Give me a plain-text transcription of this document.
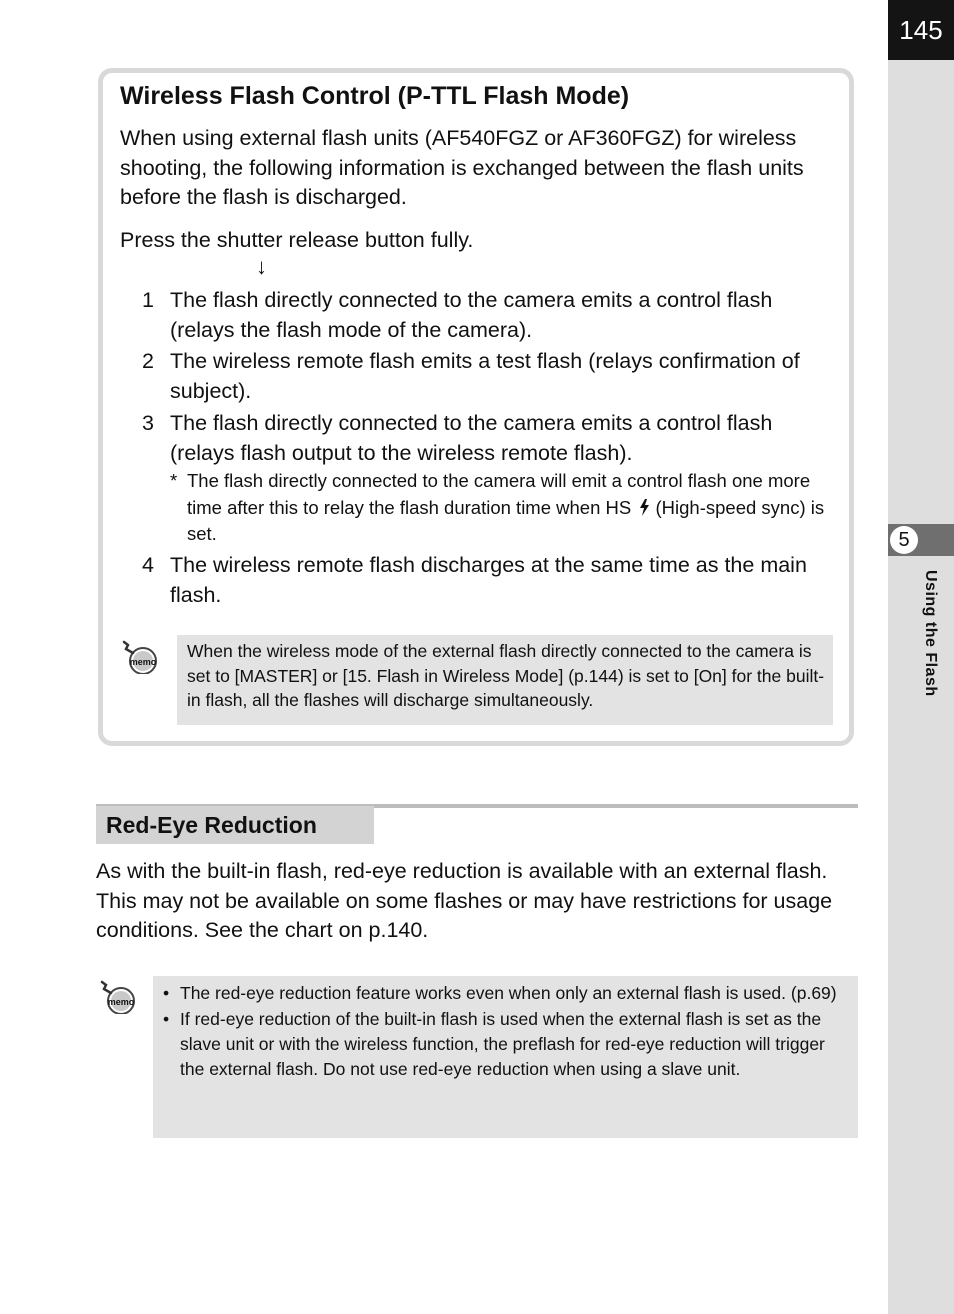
145
5
Using the Flash
Wireless Flash Control (P-TTL Flash Mode)
When using external flash units (AF540FGZ or AF360FGZ) for wireless shooting, the following information is exchanged between the flash units before the flash is discharged.
Press the shutter release button fully.
↓
1 The flash directly connected to the camera emits a control flash (relays the flash mode of the camera).
2 The wireless remote flash emits a test flash (relays confirmation of subject).
3 The flash directly connected to the camera emits a control flash (relays flash output to the wireless remote flash).
* The flash directly connected to the camera will emit a control flash one more time after this to relay the flash duration time when HS  (High-speed sync) is set.
4 The wireless remote flash discharges at the same time as the main flash.
memo
When the wireless mode of the external flash directly connected to the camera is set to [MASTER] or [15. Flash in Wireless Mode] (p.144) is set to [On] for the built-in flash, all the flashes will discharge simultaneously.
Red-Eye Reduction
As with the built-in flash, red-eye reduction is available with an external flash. This may not be available on some flashes or may have restrictions for usage conditions. See the chart on p.140.
memo • The red-eye reduction feature works even when only an external flash is used. (p.69)
• If red-eye reduction of the built-in flash is used when the external flash is set as the slave unit or with the wireless function, the preflash for red-eye reduction will trigger the external flash. Do not use red-eye reduction when using a slave unit.
